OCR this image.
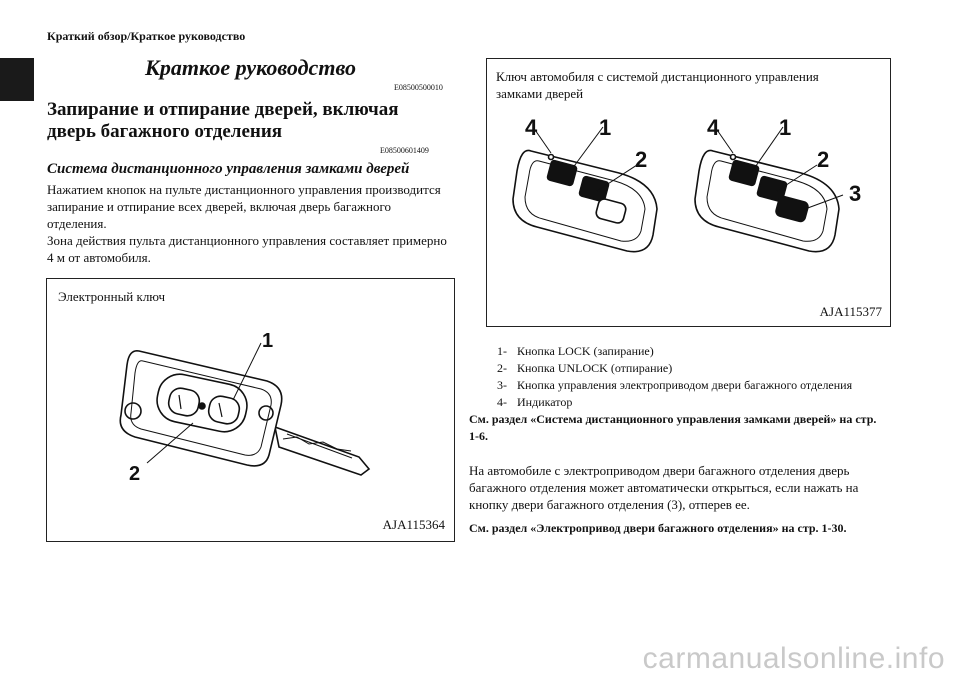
Краткий обзор/Краткое руководство
Краткое руководство
E08500500010
Запирание и отпирание дверей, включая дверь багажного отделения
E08500601409
Система дистанционного управления замками дверей

Нажатием кнопок на пульте дистанционного управления производится запирание и отпирание всех дверей, включая дверь багажного отделения.

Зона действия пульта дистанционного управления составляет примерно 4 м от автомобиля.

Электронный ключ
1
2
AJA115364
Ключ автомобиля с системой дистанционного управления замками дверей
4	1
2
4	1
2
3
AJA115377
1- Кнопка LOCK (запирание)
2- Кнопка UNLOCK (отпирание)
3- Кнопка управления электроприводом двери багажного отделения
4- Индикатор
См. раздел «Система дистанционного управления замками дверей» на стр. 1-6.
На автомобиле с электроприводом двери багажного отделения дверь багажного отделения может автоматически открыться, если нажать на кнопку двери багажного отделения (3), отперев ее.
См. раздел «Электропривод двери багажного отделения» на стр. 1-30.
carmanualsonline.info
